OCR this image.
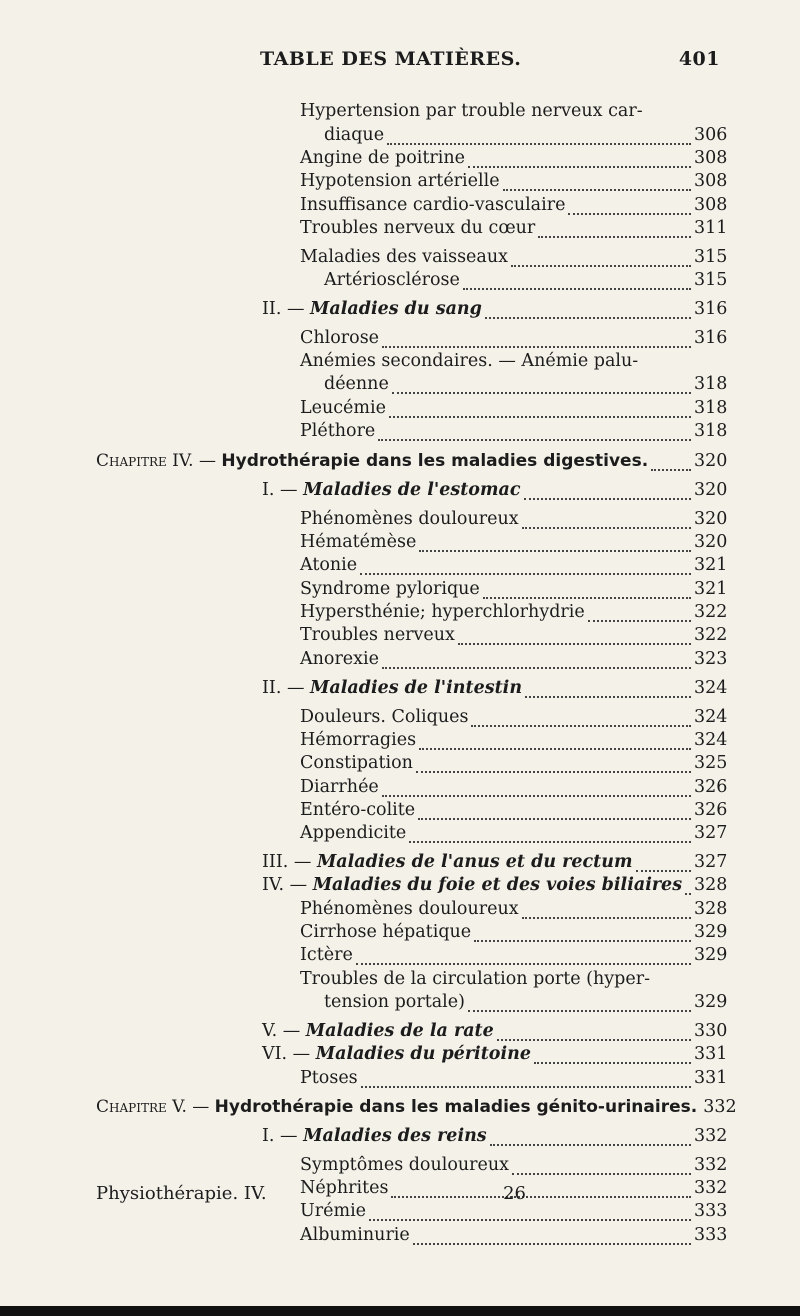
TABLE DES MATIÈRES.	401
Hypertension par trouble nerveux car-
diaque	306
Angine de poitrine	308
Hypotension artérielle	308
Insuffisance cardio-vasculaire	308
Troubles nerveux du cœur	311
Maladies des vaisseaux	315
Artériosclérose	315
II. — Maladies du sang	316
Chlorose	316
Anémies secondaires. — Anémie palu-
déenne	318
Leucémie	318
Pléthore	318
Chapitre IV. — Hydrothérapie dans les maladies digestives.	320
I. — Maladies de l'estomac	320
Phénomènes douloureux	320
Hématémèse	320
Atonie	321
Syndrome pylorique	321
Hypersthénie; hyperchlorhydrie	322
Troubles nerveux	322
Anorexie	323
II. — Maladies de l'intestin	324
Douleurs. Coliques	324
Hémorragies	324
Constipation	325
Diarrhée	326
Entéro-colite	326
Appendicite	327
III. — Maladies de l'anus et du rectum	327
IV. — Maladies du foie et des voies biliaires 328
Phénomènes douloureux	328
Cirrhose hépatique	329
Ictère	329
Troubles de la circulation porte (hyper-
tension portale)	329
V. — Maladies de la rate	330
VI. — Maladies du péritoine	331
Ptoses	331
Chapitre V. — Hydrothérapie dans les maladies génito-urinaires. 332
I. — Maladies des reins	332
Symptômes douloureux	332
Néphrites	332
Urémie	333
Albuminurie	333
Physiothérapie. IV.	26
